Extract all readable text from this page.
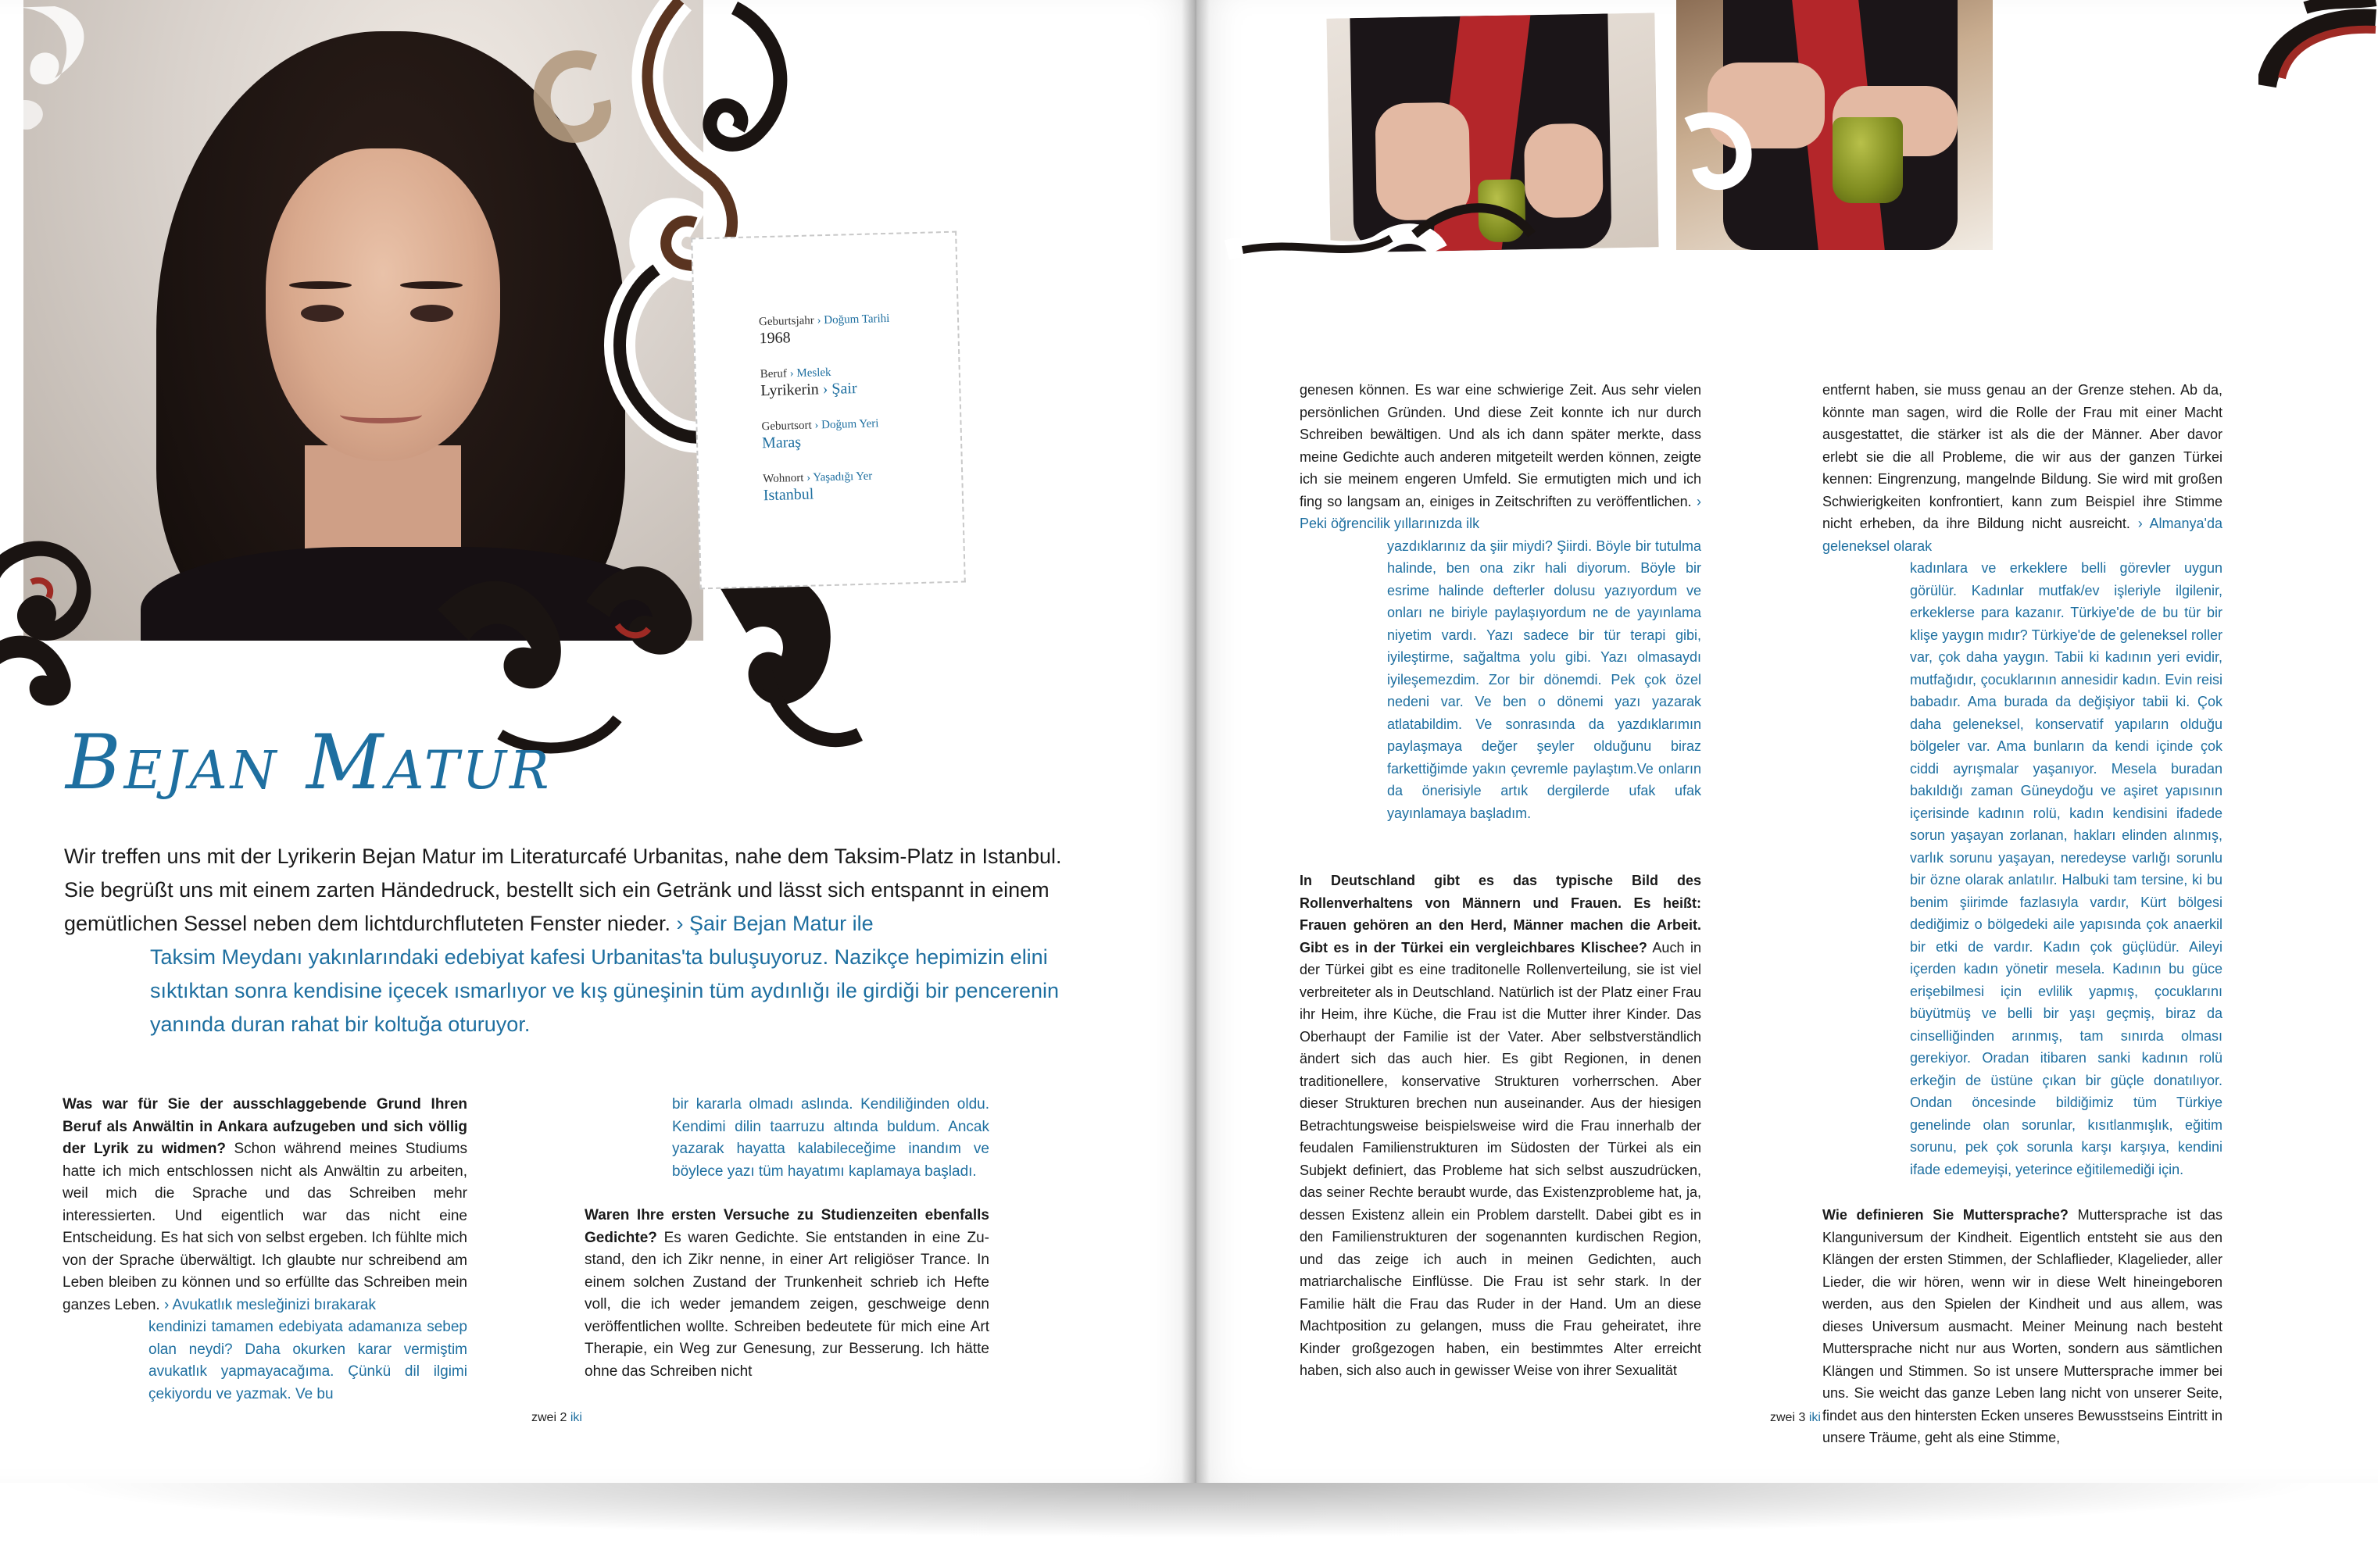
Geburtsjahr › Doğum Tarihi
1968
Beruf › Meslek
Lyrikerin › Şair
Geburtsort › Doğum Yeri
Maraş
Wohnort › Yaşadığı Yer
Istanbul
Bejan Matur
Wir treffen uns mit der Lyrikerin Bejan Matur im Literaturcafé Urbanitas, nahe dem Taksim-Platz in Istanbul. Sie begrüßt uns mit einem zarten Händedruck, bestellt sich ein Getränk und lässt sich entspannt in einem gemütlichen Sessel neben dem lichtdurchfluteten Fenster nieder. › Şair Bejan Matur ile
Taksim Meydanı yakınlarındaki edebiyat kafesi Urbanitas'ta buluşuyoruz. Nazikçe hepimizin elini sıktıktan sonra kendisine içecek ısmarlıyor ve kış güneşinin tüm aydınlığı ile girdiği bir pencerenin yanında duran rahat bir koltuğa oturuyor.
Was war für Sie der ausschlaggebende Grund Ihren Beruf als Anwältin in Ankara aufzugeben und sich völlig der Lyrik zu widmen? Schon während meines Studiums hatte ich mich entschlossen nicht als Anwältin zu arbeiten, weil mich die Sprache und das Schreiben mehr interessierten. Und eigentlich war das nicht eine Entscheidung. Es hat sich von selbst ergeben. Ich fühlte mich von der Sprache überwältigt. Ich glaubte nur schreibend am Leben bleiben zu können und so erfüllte das Schreiben mein ganzes Leben. › Avukatlık mesleğinizi bırakarak
kendinizi tamamen edebiyata adamanıza sebep olan neydi? Daha okurken karar vermiştim avukatlık yapmayacağıma. Çünkü dil ilgimi çekiyordu ve yazmak. Ve bu
bir kararla olmadı aslında. Kendiliğinden oldu. Kendimi dilin taarruzu altında buldum. Ancak yazarak hayatta kalabileceğime inandım ve böylece yazı tüm hayatımı kaplamaya başladı.
Waren Ihre ersten Versuche zu Studienzeiten ebenfalls Gedichte? Es waren Gedichte. Sie entstanden in eine Zu-stand, den ich Zikr nenne, in einer Art religiöser Trance. In einem solchen Zustand der Trunkenheit schrieb ich Hefte voll, die ich weder jemandem zeigen, geschweige denn veröffentlichen wollte. Schreiben bedeutete für mich eine Art Therapie, ein Weg zur Genesung, zur Besserung. Ich hätte ohne das Schreiben nicht
zwei 2 iki
genesen können. Es war eine schwierige Zeit. Aus sehr vielen persönlichen Gründen. Und diese Zeit konnte ich nur durch Schreiben bewältigen. Und als ich dann später merkte, dass meine Gedichte auch anderen mitgeteilt werden können, zeigte ich sie meinem engeren Umfeld. Sie ermutigten mich und ich fing so langsam an, einiges in Zeitschriften zu veröffentlichen. › Peki öğrencilik yıllarınızda ilk
yazdıklarınız da şiir miydi? Şiirdi. Böyle bir tutulma halinde, ben ona zikr hali diyorum. Böyle bir esrime halinde defterler dolusu yazıyordum ve onları ne biriyle paylaşıyordum ne de yayınlama niyetim vardı. Yazı sadece bir tür terapi gibi, iyileştirme, sağaltma yolu gibi. Yazı olmasaydı iyileşemezdim. Zor bir dönemdi. Pek çok özel nedeni var. Ve ben o dönemi yazı yazarak atlatabildim. Ve sonrasında da yazdıklarımın paylaşmaya değer şeyler olduğunu biraz farkettiğimde yakın çevremle paylaştım.Ve onların da önerisiyle artık dergilerde ufak ufak yayınlamaya başladım.
In Deutschland gibt es das typische Bild des Rollenverhaltens von Männern und Frauen. Es heißt: Frauen gehören an den Herd, Männer machen die Arbeit. Gibt es in der Türkei ein vergleichbares Klischee? Auch in der Türkei gibt es eine traditonelle Rollenverteilung, sie ist viel verbreiteter als in Deutschland. Natürlich ist der Platz einer Frau ihr Heim, ihre Küche, die Frau ist die Mutter ihrer Kinder. Das Oberhaupt der Familie ist der Vater. Aber selbstverständlich ändert sich das auch hier. Es gibt Regionen, in denen traditionellere, konservative Strukturen vorherrschen. Aber dieser Strukturen brechen nun auseinander. Aus der hiesigen Betrachtungsweise beispielsweise wird die Frau innerhalb der feudalen Familienstrukturen im Südosten der Türkei als ein Subjekt definiert, das Probleme hat sich selbst auszudrücken, das seiner Rechte beraubt wurde, das Existenzprobleme hat, ja, dessen Existenz allein ein Problem darstellt. Dabei gibt es in den Familienstrukturen der sogenannten kurdischen Region, und das zeige ich auch in meinen Gedichten, auch matriarchalische Einflüsse. Die Frau ist sehr stark. In der Familie hält die Frau das Ruder in der Hand. Um an diese Machtposition zu gelangen, muss die Frau geheiratet, ihre Kinder großgezogen haben, ein bestimmtes Alter erreicht haben, sich also auch in gewisser Weise von ihrer Sexualität
entfernt haben, sie muss genau an der Grenze stehen. Ab da, könnte man sagen, wird die Rolle der Frau mit einer Macht ausgestattet, die stärker ist als die der Männer. Aber davor erlebt sie die all Probleme, die wir aus der ganzen Türkei kennen: Eingrenzung, mangelnde Bildung. Sie wird mit großen Schwierigkeiten konfrontiert, kann zum Beispiel ihre Stimme nicht erheben, da ihre Bildung nicht ausreicht. › Almanya'da geleneksel olarak
kadınlara ve erkeklere belli görevler uygun görülür. Kadınlar mutfak/ev işleriyle ilgilenir, erkeklerse para kazanır. Türkiye'de de bu tür bir klişe yaygın mıdır? Türkiye'de de geleneksel roller var, çok daha yaygın. Tabii ki kadının yeri evidir, mutfağıdır, çocuklarının annesidir kadın. Evin reisi babadır. Ama burada da değişiyor tabii ki. Çok daha geleneksel, konservatif yapıların olduğu bölgeler var. Ama bunların da kendi içinde çok ciddi ayrışmalar yaşanıyor. Mesela buradan bakıldığı zaman Güneydoğu ve aşiret yapısının içerisinde kadının rolü, kadın kendisini ifadede sorun yaşayan zorlanan, hakları elinden alınmış, varlık sorunu yaşayan, neredeyse varlığı sorunlu bir özne olarak anlatılır. Halbuki tam tersine, ki bu benim şiirimde fazlasıyla vardır, Kürt bölgesi dediğimiz o bölgedeki aile yapısında çok anaerkil bir etki de vardır. Kadın çok güçlüdür. Aileyi içerden kadın yönetir mesela. Kadının bu güce erişebilmesi için evlilik yapmış, çocuklarını büyütmüş ve belli bir yaşı geçmiş, biraz da cinselliğinden arınmış, tam sınırda olması gerekiyor. Oradan itibaren sanki kadının rolü erkeğin de üstüne çıkan bir güçle donatılıyor. Ondan öncesinde bildiğimiz tüm Türkiye genelinde olan sorunlar, kısıtlanmışlık, eğitim sorunu, pek çok sorunla karşı karşıya, kendini ifade edemeyişi, yeterince eğitilemediği için.
Wie definieren Sie Muttersprache? Muttersprache ist das Klanguniversum der Kindheit. Eigentlich entsteht sie aus den Klängen der ersten Stimmen, der Schlaflieder, Klagelieder, aller Lieder, die wir hören, wenn wir in diese Welt hineingeboren werden, aus den Spielen der Kindheit und aus allem, was dieses Universum ausmacht. Meiner Meinung nach besteht Muttersprache nicht nur aus Worten, sondern aus sämtlichen Klängen und Stimmen. So ist unsere Muttersprache immer bei uns. Sie weicht das ganze Leben lang nicht von unserer Seite, findet aus den hintersten Ecken unseres Bewusstseins Eintritt in unsere Träume, geht als eine Stimme,
zwei 3 iki
